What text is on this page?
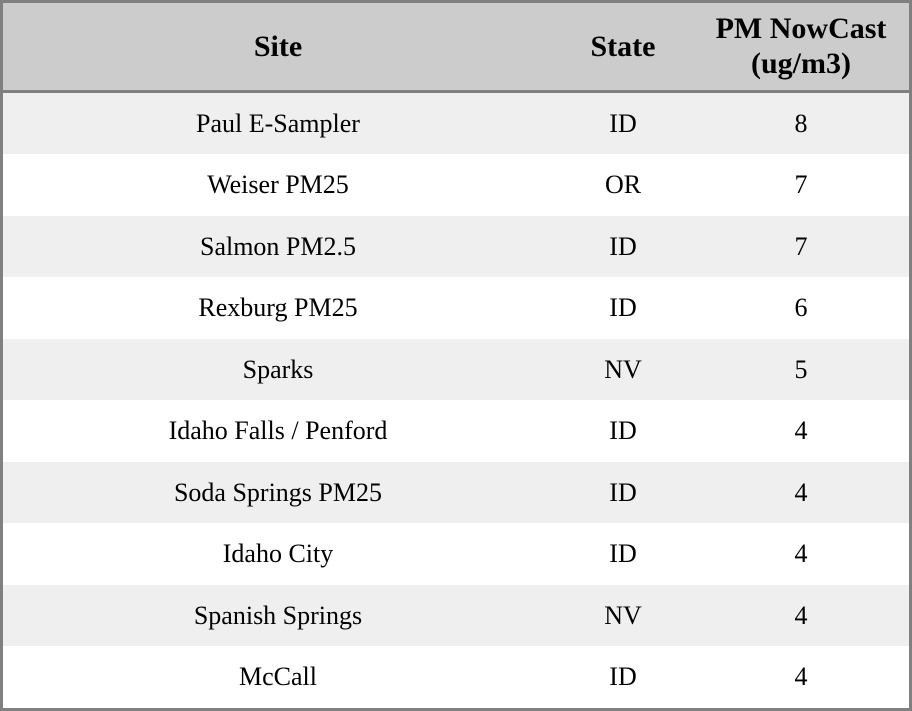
Site	State	PM NowCast (ug/m3)
Paul E-Sampler	ID	8
Weiser PM25	OR	7
Salmon PM2.5	ID	7
Rexburg PM25	ID	6
Sparks	NV	5
Idaho Falls / Penford	ID	4
Soda Springs PM25	ID	4
Idaho City	ID	4
Spanish Springs	NV	4
McCall	ID	4
